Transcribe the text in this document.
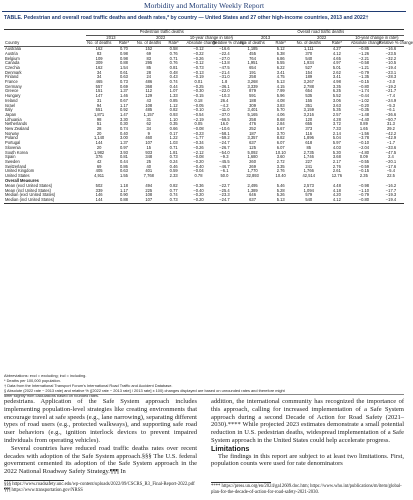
Morbidity and Mortality Weekly Report
TABLE. Pedestrian and overall road traffic deaths and death rates,* by country — United States and 27 other high-income countries, 2013 and 2022†
	Pedestrian traffic deaths						Overall road traffic deaths					
	2013		2022		10-year change in rate§		2013		2022		10-year change in rate§	
Country	No. of deaths	Rate*	No. of deaths	Rate*	Absolute change	Relative % change	No. of deaths	Rate*	No. of deaths	Rate*	Absolute change	Relative % change
Australia	162	0.70	152	0.58	−0.12	−16.6	1,185	5.12	1,111	4.27	−0.85	−16.6
Austria	83	0.98	69	0.76	−0.22	−22.4	455	5.38	370	4.12	−1.26	−23.5
Belgium	109	0.98	83	0.71	−0.26	−27.0	764	6.86	540	4.65	−2.21	−32.2
Canada	309	0.88	295	0.76	−0.12	−13.8	1,951	5.55	1,934	4.97	−0.58	−10.5
Czechia	162	1.54	85	0.81	−0.73	−47.5	654	6.22	527	5.01	−1.21	−19.4
Denmark	34	0.61	28	0.48	−0.13	−21.4	191	3.41	154	2.62	−0.79	−23.1
Finland	34	0.63	24	0.43	−0.19	−31.0	258	4.75	189	3.41	−1.35	−28.3
France	465	0.73	486	0.74	0.01	1.8	3,268	5.13	3,267	4.98	−0.15	−3.0
Germany	557	0.69	368	0.44	−0.25	−36.1	3,339	4.15	2,788	3.35	−0.80	−19.2
Greece	151	1.37	112	1.07	−0.30	−22.0	879	7.99	654	6.25	−1.74	−21.7
Hungary	147	1.46	129	1.33	−0.15	−10.3	591	5.96	535	5.52	−0.44	−7.4
Ireland	31	0.67	43	0.85	0.18	26.4	188	4.08	155	3.06	−1.02	−24.9
Israel	94	1.17	108	1.12	−0.05	−4.2	309	3.83	351	3.63	−0.20	−5.3
Italy	551	0.92	485	0.82	−0.10	−11.0	3,401	5.70	3,159	5.35	−0.35	−6.1
Japan	1,871	1.47	1,157	0.93	−0.54	−37.0	5,165	4.06	3,216	2.57	−1.48	−36.6
Lithuania	98	3.30	31	1.10	−2.19	−66.5	258	8.68	120	4.28	−4.40	−50.7
Netherlands	51	0.30	62	0.35	0.05	16.0	476	2.84	655	3.72	0.89	31.3
New Zealand	28	0.74	34	0.66	−0.08	−10.6	252	5.67	373	7.33	1.65	29.2
Norway	20	0.40	9	0.17	−0.23	−58.1	187	3.70	116	2.14	−1.56	−42.2
Poland	1,140	3.00	460	1.22	−1.77	−59.2	3,357	8.82	1,896	5.04	−3.78	−42.9
Portugal	144	1.37	107	1.03	−0.34	−24.7	637	6.07	618	5.97	−0.10	−1.7
Slovenia	20	0.97	15	0.71	−0.26	−26.7	125	6.07	85	4.03	−2.04	−33.6
South Korea	1,982	3.93	933	1.81	−2.12	−54.0	5,092	10.10	2,735	5.30	−4.80	−47.5
Spain	376	0.81	348	0.73	−0.08	−9.3	1,680	3.60	1,746	3.68	0.09	2.4
Sweden	42	0.44	25	0.24	−0.20	−45.5	260	2.72	227	2.17	−0.55	−20.1
Switzerland	69	0.86	40	0.46	−0.40	−46.7	269	3.35	241	2.76	−0.59	−17.6
United Kingdom	405	0.63	401	0.59	−0.04	−6.1	1,770	2.76	1,766	2.61	−0.15	−5.4
United States	4,911	1.55	7,768	2.33	0.78	50.0	32,893	10.40	42,514	12.76	2.35	22.5
Overall Measures												
Mean (excl United States)	502	1.18	494	0.82	−0.36	−22.7	2,495	5.46	2,573	4.48	−0.98	−16.2
Mean (incl United States)	339	1.17	225	0.77	−0.40	−25.4	1,389	5.28	1,094	4.18	−1.10	−17.7
Median (excl United States)	146	0.90	108	0.74	−0.20	−23.3	646	5.26	579	4.20	−0.79	−19.3
Median (incl United States)	144	0.88	107	0.73	−0.20	−24.7	637	5.13	540	4.12	−0.80	−19.4
Abbreviations: excl = excluding; incl = including.
* Deaths per 100,000 population.
† Data from the International Transport Forum's International Road Traffic and Accident Database.
§ Absolute (2022 rate − 2013 rate) and relative % ([2022 rate − 2013 rate] / 2013 rate] x 100) changes displayed are based on unrounded rates and therefore might
differ slightly from calculations based on rounded rates.

pedestrians. Application of the Safe System approach includes implementing population-level strategies like creating environments that encourage travel at safe speeds (e.g., lane narrowing), separating different types of road users (e.g., protected walkways), and supporting safe road user behaviors (e.g., ignition interlock devices to prevent impaired individuals from operating vehicles).

Several countries have reduced road traffic deaths rates over recent decades with adoption of the Safe System approach.§§§ The U.S. federal government cemented its adoption of the Safe System approach in the 2022 National Roadway Safety Strategy.¶¶¶ In

§§§ https://www.roadsafety.unc.edu/wp-content/uploads/2022/09/CSCRS_R3_Final-Report-2022.pdf
¶¶¶ https://www.transportation.gov/NRSS

addition, the international community has recognized the importance of this approach, calling for increased implementation of a Safe System approach during a second Decade of Action for Road Safety (2021–2030).**** While projected 2023 estimates demonstrate a small potential reduction in U.S. pedestrian deaths, widespread implementation of a Safe System approach in the United States could help accelerate progress.

Limitations

The findings in this report are subject to at least two limitations. First, population counts were used for rate denominators

**** https://press.un.org/en/2024/ga12609.doc.htm; https://www.who.int/publications/m/item/global-plan-for-the-decade-of-action-for-road-safety-2021-2030.
